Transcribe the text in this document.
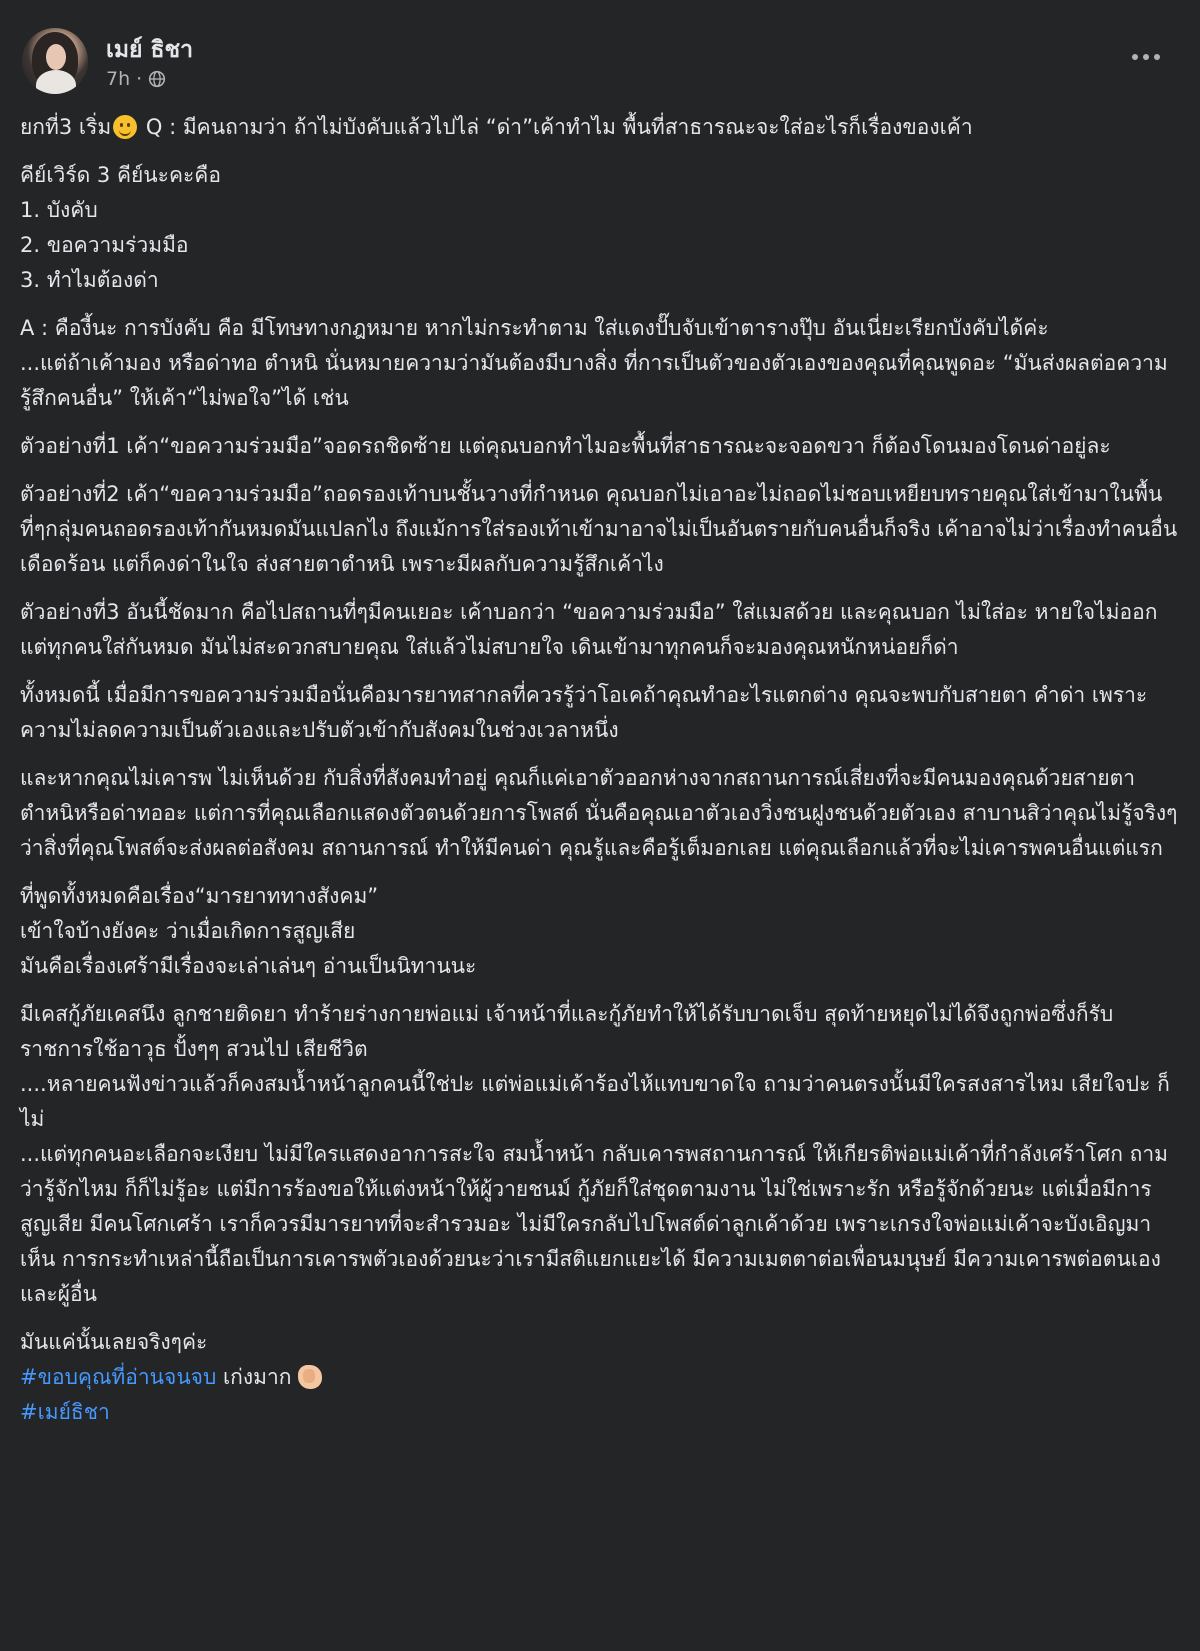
เมย์ ธิชา
7h ·

ยกที่3 เริ่ม
Q : มีคนถามว่า ถ้าไม่บังคับแล้วไปไล่ “ด่า”เค้าทำไม พื้นที่สาธารณะจะใส่อะไรก็เรื่องของเค้า

คีย์เวิร์ด 3 คีย์นะคะคือ
1. บังคับ
2. ขอความร่วมมือ
3. ทำไมต้องด่า

A : คืองี้นะ การบังคับ คือ มีโทษทางกฎหมาย หากไม่กระทำตาม ใส่แดงปั๊บจับเข้าตารางปุ๊บ อันเนี่ยะเรียกบังคับได้ค่ะ
...แต่ถ้าเค้ามอง หรือด่าทอ ตำหนิ นั่นหมายความว่ามันต้องมีบางสิ่ง ที่การเป็นตัวของตัวเองของคุณที่คุณพูดอะ “มันส่งผลต่อความรู้สึกคนอื่น” ให้เค้า“ไม่พอใจ”ได้ เช่น

ตัวอย่างที่1 เค้า“ขอความร่วมมือ”จอดรถชิดซ้าย แต่คุณบอกทำไมอะพื้นที่สาธารณะจะจอดขวา ก็ต้องโดนมองโดนด่าอยู่ละ

ตัวอย่างที่2 เค้า“ขอความร่วมมือ”ถอดรองเท้าบนชั้นวางที่กำหนด คุณบอกไม่เอาอะไม่ถอดไม่ชอบเหยียบทรายคุณใส่เข้ามาในพื้นที่ๆกลุ่มคนถอดรองเท้ากันหมดมันแปลกไง ถึงแม้การใส่รองเท้าเข้ามาอาจไม่เป็นอันตรายกับคนอื่นก็จริง เค้าอาจไม่ว่าเรื่องทำคนอื่นเดือดร้อน แต่ก็คงด่าในใจ ส่งสายตาตำหนิ เพราะมีผลกับความรู้สึกเค้าไง

ตัวอย่างที่3 อันนี้ชัดมาก คือไปสถานที่ๆมีคนเยอะ เค้าบอกว่า “ขอความร่วมมือ” ใส่แมสด้วย และคุณบอก ไม่ใส่อะ หายใจไม่ออกแต่ทุกคนใส่กันหมด มันไม่สะดวกสบายคุณ ใส่แล้วไม่สบายใจ เดินเข้ามาทุกคนก็จะมองคุณหนักหน่อยก็ด่า

ทั้งหมดนี้ เมื่อมีการขอความร่วมมือนั่นคือมารยาทสากลที่ควรรู้ว่าโอเคถ้าคุณทำอะไรแตกต่าง คุณจะพบกับสายตา คำด่า เพราะความไม่ลดความเป็นตัวเองและปรับตัวเข้ากับสังคมในช่วงเวลาหนึ่ง

และหากคุณไม่เคารพ ไม่เห็นด้วย กับสิ่งที่สังคมทำอยู่ คุณก็แค่เอาตัวออกห่างจากสถานการณ์เสี่ยงที่จะมีคนมองคุณด้วยสายตาตำหนิหรือด่าทออะ แต่การที่คุณเลือกแสดงตัวตนด้วยการโพสต์ นั่นคือคุณเอาตัวเองวิ่งชนฝูงชนด้วยตัวเอง สาบานสิว่าคุณไม่รู้จริงๆว่าสิ่งที่คุณโพสต์จะส่งผลต่อสังคม สถานการณ์ ทำให้มีคนด่า คุณรู้และคือรู้เต็มอกเลย แต่คุณเลือกแล้วที่จะไม่เคารพคนอื่นแต่แรก

ที่พูดทั้งหมดคือเรื่อง“มารยาททางสังคม”
เข้าใจบ้างยังคะ ว่าเมื่อเกิดการสูญเสีย
มันคือเรื่องเศร้ามีเรื่องจะเล่าเล่นๆ อ่านเป็นนิทานนะ

มีเคสกู้ภัยเคสนึง ลูกชายติดยา ทำร้ายร่างกายพ่อแม่ เจ้าหน้าที่และกู้ภัยทำให้ได้รับบาดเจ็บ สุดท้ายหยุดไม่ได้จึงถูกพ่อซึ่งก็รับราชการใช้อาวุธ ปั้งๆๆ สวนไป เสียชีวิต
....หลายคนฟังข่าวแล้วก็คงสมน้ำหน้าลูกคนนี้ใช่ปะ แต่พ่อแม่เค้าร้องไห้แทบขาดใจ ถามว่าคนตรงนั้นมีใครสงสารไหม เสียใจปะ ก็ไม่
...แต่ทุกคนอะเลือกจะเงียบ ไม่มีใครแสดงอาการสะใจ สมน้ำหน้า กลับเคารพสถานการณ์ ให้เกียรติพ่อแม่เค้าที่กำลังเศร้าโศก ถามว่ารู้จักไหม ก็ก็ไม่รู้อะ แต่มีการร้องขอให้แต่งหน้าให้ผู้วายชนม์ กู้ภัยก็ใส่ชุดตามงาน ไม่ใช่เพราะรัก หรือรู้จักด้วยนะ แต่เมื่อมีการสูญเสีย มีคนโศกเศร้า เราก็ควรมีมารยาทที่จะสำรวมอะ ไม่มีใครกลับไปโพสต์ด่าลูกเค้าด้วย เพราะเกรงใจพ่อแม่เค้าจะบังเอิญมาเห็น การกระทำเหล่านี้ถือเป็นการเคารพตัวเองด้วยนะว่าเรามีสติแยกแยะได้ มีความเมตตาต่อเพื่อนมนุษย์ มีความเคารพต่อตนเองและผู้อื่น

มันแค่นั้นเลยจริงๆค่ะ
#ขอบคุณที่อ่านจนจบ เก่งมาก
#เมย์ธิชา
